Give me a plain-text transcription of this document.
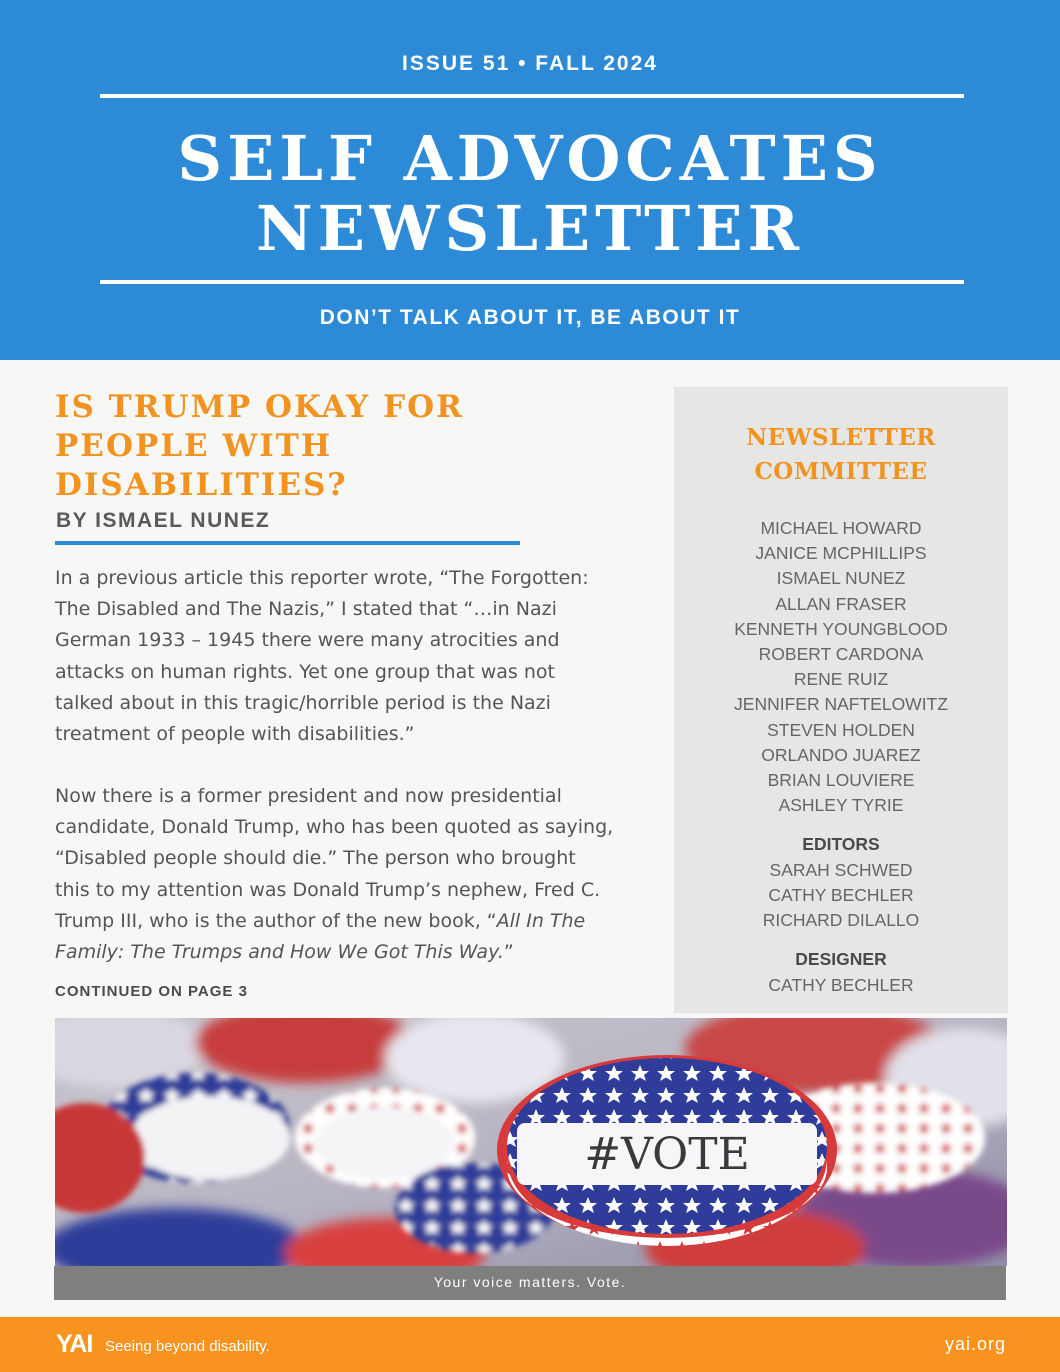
ISSUE 51 • FALL 2024
SELF ADVOCATES
NEWSLETTER
DON’T TALK ABOUT IT, BE ABOUT IT
IS TRUMP OKAY FOR
PEOPLE WITH
DISABILITIES?
BY ISMAEL NUNEZ
In a previous article this reporter wrote, “The Forgotten:
The Disabled and The Nazis,” I stated that “…in Nazi
German 1933 – 1945 there were many atrocities and
attacks on human rights. Yet one group that was not
talked about in this tragic/horrible period is the Nazi
treatment of people with disabilities.”
Now there is a former president and now presidential
candidate, Donald Trump, who has been quoted as saying,
“Disabled people should die.” The person who brought
this to my attention was Donald Trump’s nephew, Fred C.
Trump III, who is the author of the new book, “All In The
Family: The Trumps and How We Got This Way.”
CONTINUED ON PAGE 3
NEWSLETTER
COMMITTEE
MICHAEL HOWARD
JANICE MCPHILLIPS
ISMAEL NUNEZ
ALLAN FRASER
KENNETH YOUNGBLOOD
ROBERT CARDONA
RENE RUIZ
JENNIFER NAFTELOWITZ
STEVEN HOLDEN
ORLANDO JUAREZ
BRIAN LOUVIERE
ASHLEY TYRIE
EDITORS
SARAH SCHWED
CATHY BECHLER
RICHARD DILALLO
DESIGNER
CATHY BECHLER
#VOTE
Your voice matters. Vote.
YAI Seeing beyond disability.	yai.org
